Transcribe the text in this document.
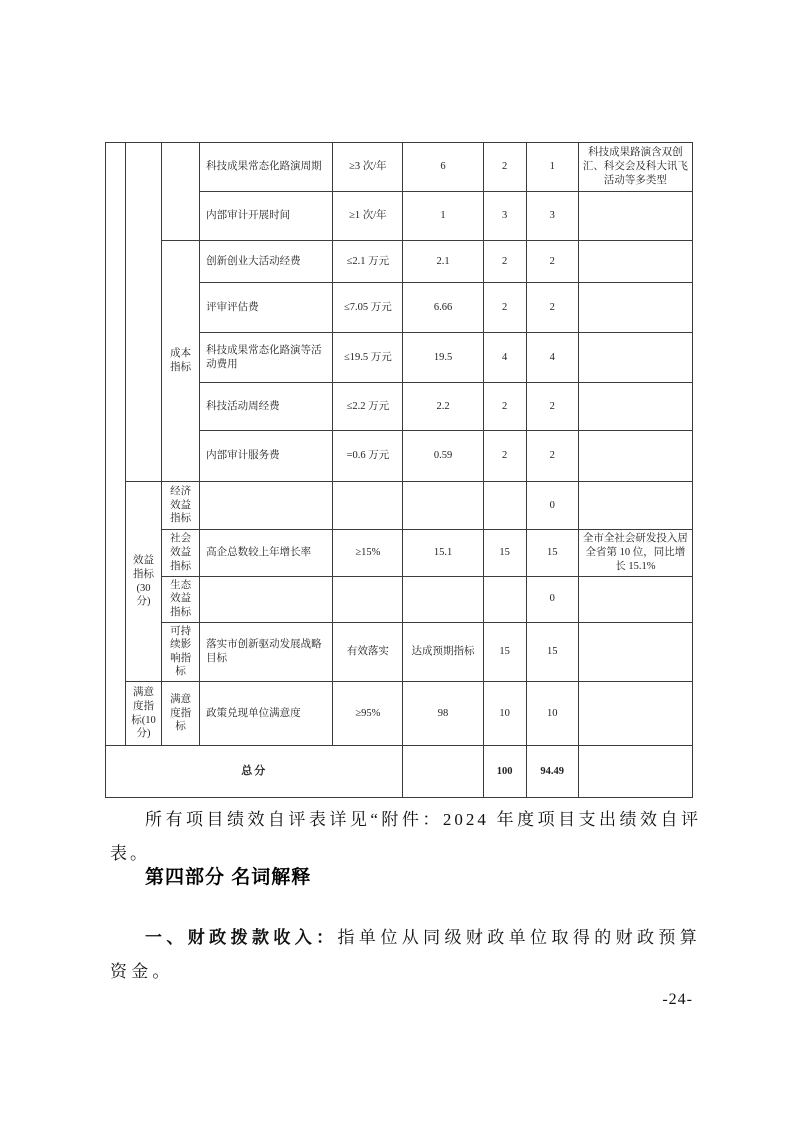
			科技成果常态化路演周期	≥3 次/年	6	2	1	科技成果路演含双创汇、科交会及科大讯飞活动等多类型
			内部审计开展时间	≥1 次/年	1	3	3	
		成本指标	创新创业大活动经费	≤2.1 万元	2.1	2	2	
			评审评估费	≤7.05 万元	6.66	2	2	
			科技成果常态化路演等活动费用	≤19.5 万元	19.5	4	4	
			科技活动周经费	≤2.2 万元	2.2	2	2	
			内部审计服务费	=0.6 万元	0.59	2	2	
	效益指标(30分)	经济效益指标					0	
		社会效益指标	高企总数较上年增长率	≥15%	15.1	15	15	全市全社会研发投入居全省第 10 位，同比增长 15.1%
		生态效益指标					0	
		可持续影响指标	落实市创新驱动发展战略目标	有效落实	达成预期指标	15	15	
	满意度指标(10分)	满意度指标	政策兑现单位满意度	≥95%	98	10	10	
总分						100	94.49	

所有项目绩效自评表详见“附件：2024 年度项目支出绩效自评表。

第四部分 名词解释

一、财政拨款收入：指单位从同级财政单位取得的财政预算资金。

-24-
